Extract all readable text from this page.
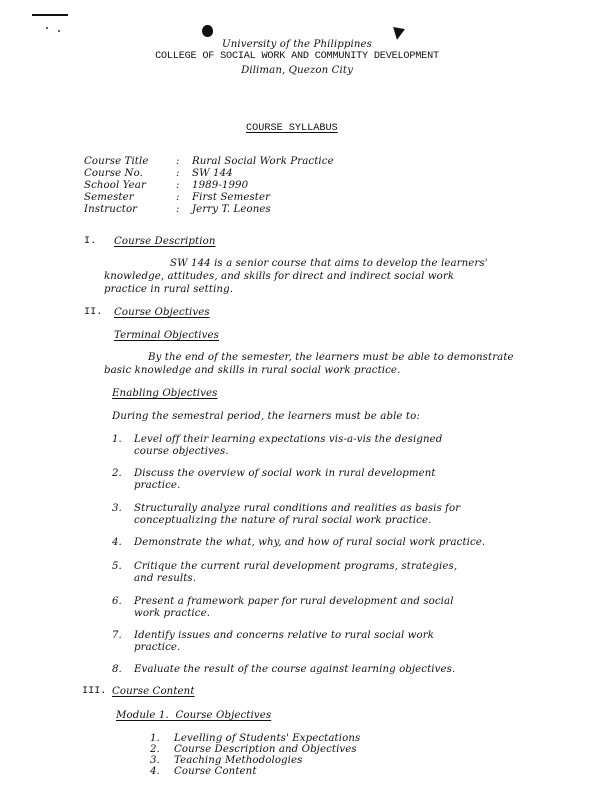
University of the Philippines
COLLEGE OF SOCIAL WORK AND COMMUNITY DEVELOPMENT
Diliman, Quezon City
COURSE SYLLABUS
Course Title	: Rural Social Work Practice
Course No.	: SW 144
School Year	: 1989-1990
Semester	: First Semester
Instructor	: Jerry T. Leones
I. Course Description
SW 144 is a senior course that aims to develop the learners'
knowledge, attitudes, and skills for direct and indirect social work
practice in rural setting.
II. Course Objectives
Terminal Objectives
By the end of the semester, the learners must be able to demonstrate
basic knowledge and skills in rural social work practice.
Enabling Objectives
During the semestral period, the learners must be able to:
1. Level off their learning expectations vis-a-vis the designed
course objectives.
2. Discuss the overview of social work in rural development
practice.
3. Structurally analyze rural conditions and realities as basis for
conceptualizing the nature of rural social work practice.
4. Demonstrate the what, why, and how of rural social work practice.
5. Critique the current rural development programs, strategies,
and results.
6. Present a framework paper for rural development and social
work practice.
7. Identify issues and concerns relative to rural social work
practice.
8. Evaluate the result of the course against learning objectives.
III. Course Content
Module 1.  Course Objectives
1. Levelling of Students' Expectations
2. Course Description and Objectives
3. Teaching Methodologies
4. Course Content
